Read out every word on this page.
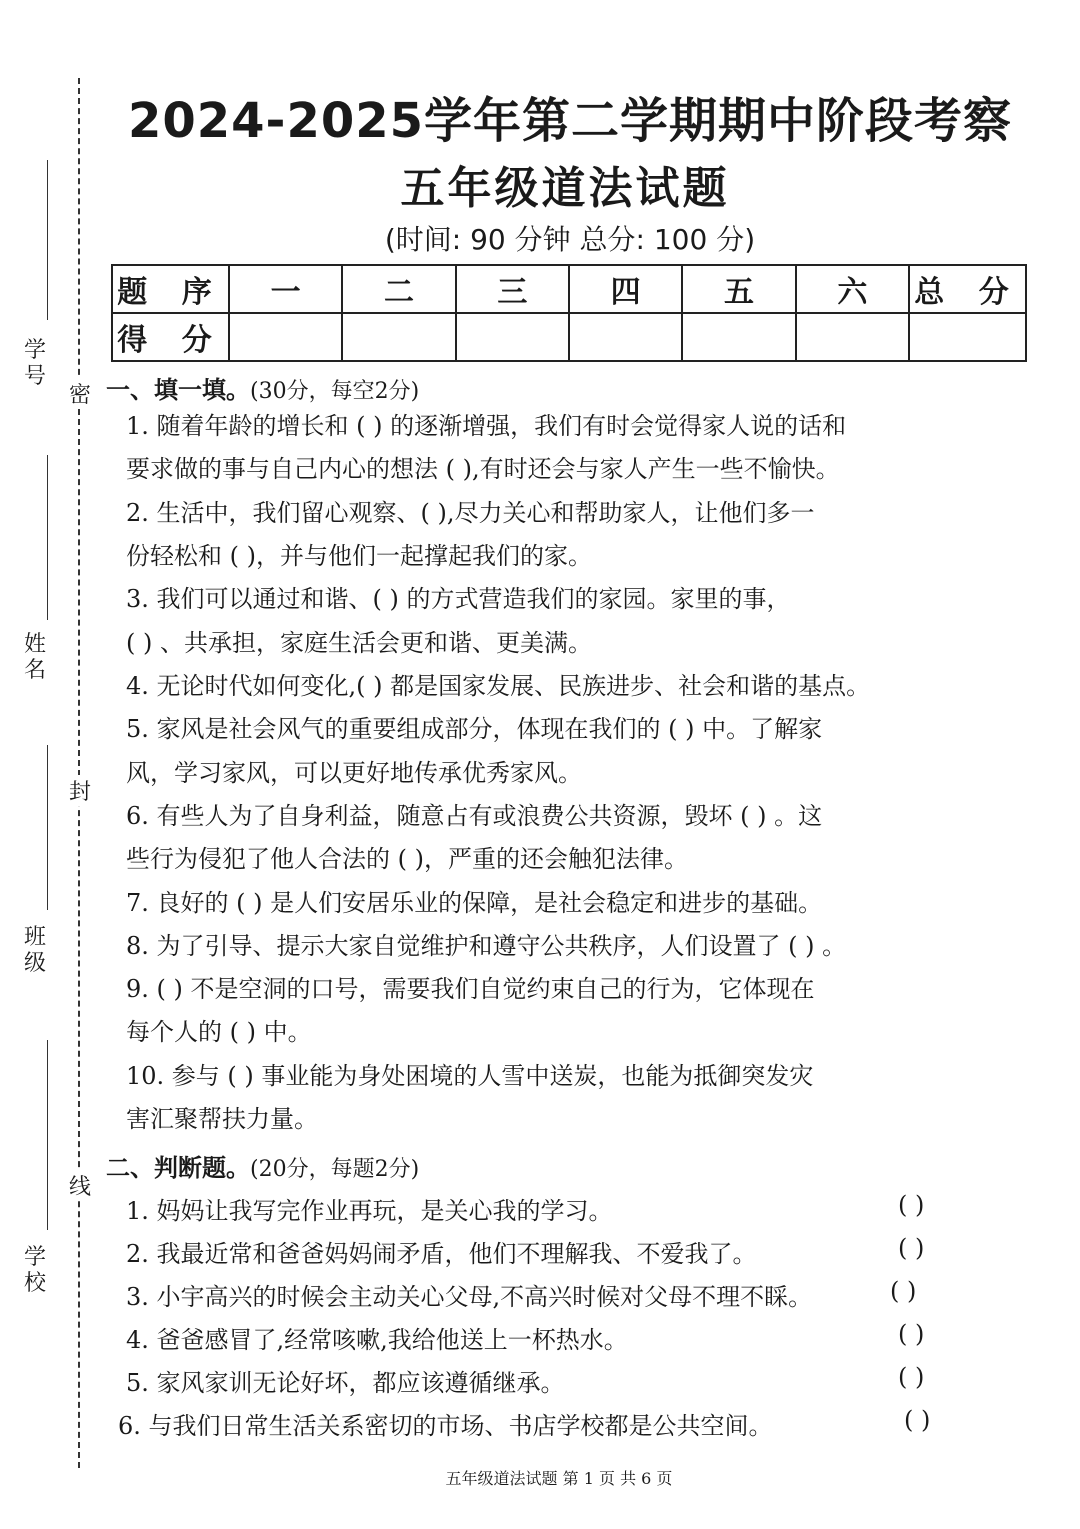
学号
姓名
班级
学校
密
封
线
2024-2025学年第二学期期中阶段考察
五年级道法试题
(时间: 90 分钟 总分: 100 分)
题 序	一	二	三	四	五	六	总 分
得 分							
一、填一填。(30分，每空2分)
1. 随着年龄的增长和 ( ) 的逐渐增强，我们有时会觉得家人说的话和
要求做的事与自己内心的想法 ( ),有时还会与家人产生一些不愉快。
2. 生活中，我们留心观察、( ),尽力关心和帮助家人，让他们多一
份轻松和 ( )，并与他们一起撑起我们的家。
3. 我们可以通过和谐、( ) 的方式营造我们的家园。家里的事，
( ) 、共承担，家庭生活会更和谐、更美满。
4. 无论时代如何变化,( ) 都是国家发展、民族进步、社会和谐的基点。
5. 家风是社会风气的重要组成部分，体现在我们的 ( ) 中。了解家
风，学习家风，可以更好地传承优秀家风。
6. 有些人为了自身利益，随意占有或浪费公共资源，毁坏 ( ) 。这
些行为侵犯了他人合法的 ( )，严重的还会触犯法律。
7. 良好的 ( ) 是人们安居乐业的保障，是社会稳定和进步的基础。
8. 为了引导、提示大家自觉维护和遵守公共秩序，人们设置了 ( ) 。
9. ( ) 不是空洞的口号，需要我们自觉约束自己的行为，它体现在
每个人的 ( ) 中。
10. 参与 ( ) 事业能为身处困境的人雪中送炭，也能为抵御突发灾
害汇聚帮扶力量。
二、判断题。(20分，每题2分)
1. 妈妈让我写完作业再玩，是关心我的学习。	( )
2. 我最近常和爸爸妈妈闹矛盾，他们不理解我、不爱我了。	( )
3. 小宇高兴的时候会主动关心父母,不高兴时候对父母不理不睬。	( )
4. 爸爸感冒了,经常咳嗽,我给他送上一杯热水。	( )
5. 家风家训无论好坏，都应该遵循继承。	( )
6. 与我们日常生活关系密切的市场、书店学校都是公共空间。	( )
五年级道法试题 第 1 页 共 6 页
